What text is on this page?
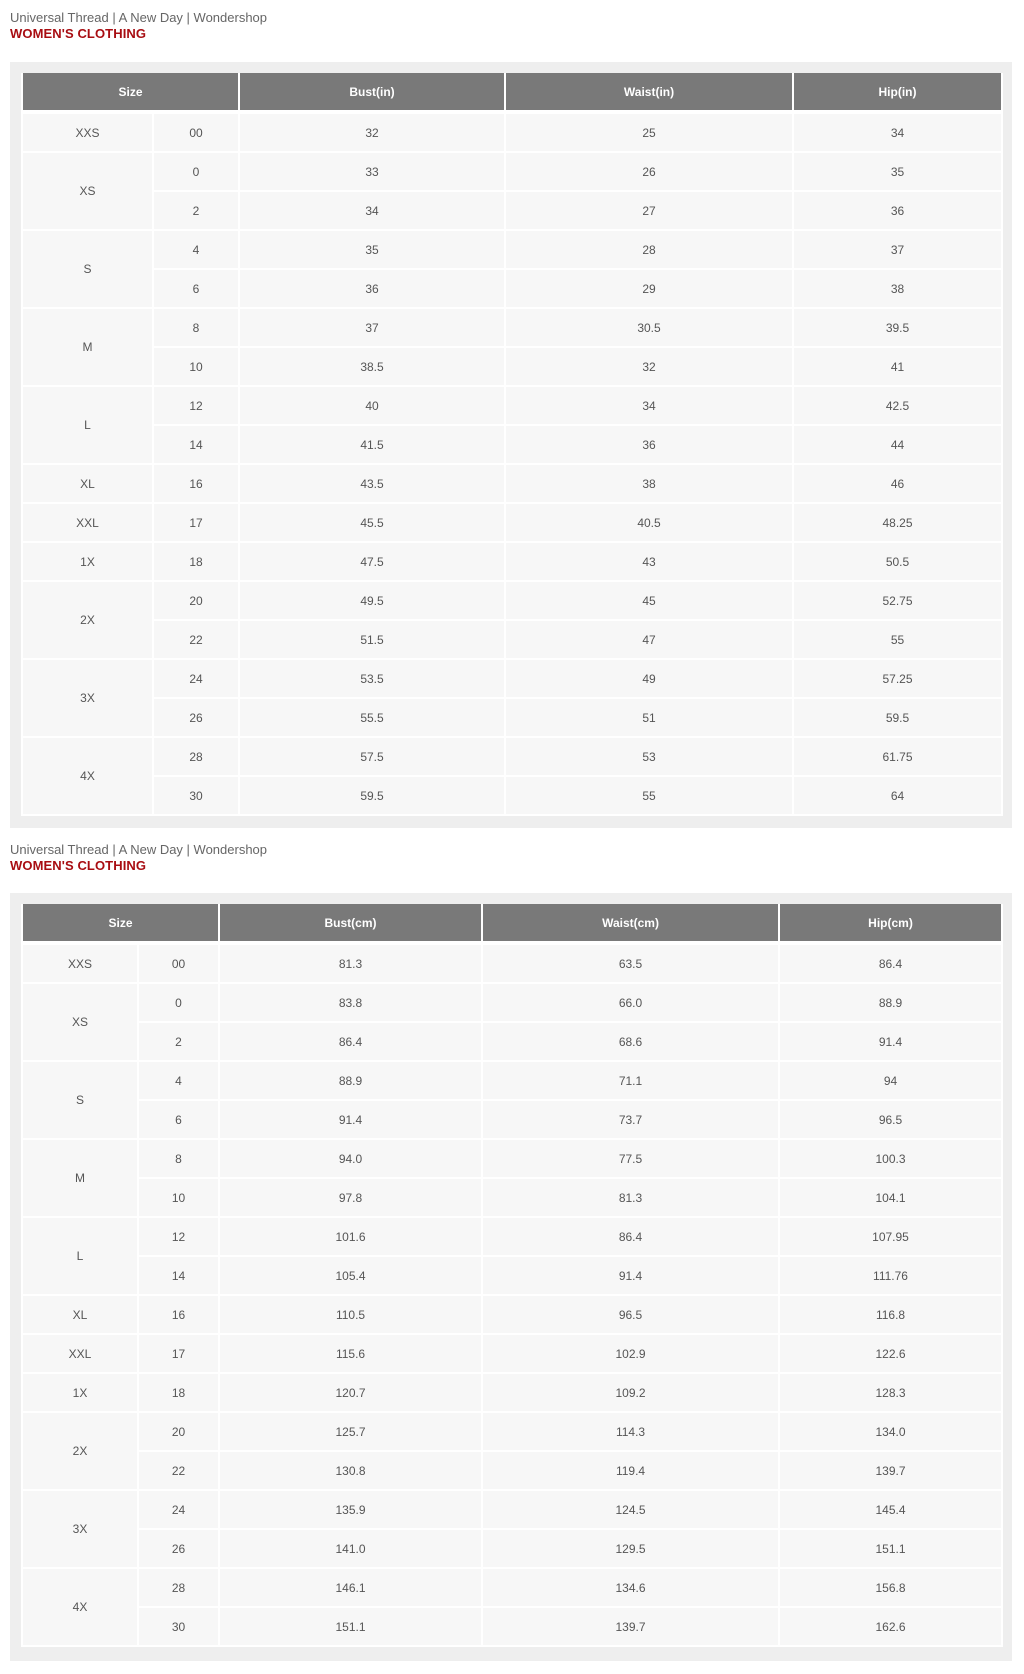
Universal Thread | A New Day | Wondershop
WOMEN'S CLOTHING
Size		Bust(in)	Waist(in)	Hip(in)
XXS	00	32	25	34
XS	0	33	26	35
	2	34	27	36
S	4	35	28	37
	6	36	29	38
M	8	37	30.5	39.5
	10	38.5	32	41
L	12	40	34	42.5
	14	41.5	36	44
XL	16	43.5	38	46
XXL	17	45.5	40.5	48.25
1X	18	47.5	43	50.5
2X	20	49.5	45	52.75
	22	51.5	47	55
3X	24	53.5	49	57.25
	26	55.5	51	59.5
4X	28	57.5	53	61.75
	30	59.5	55	64
Universal Thread | A New Day | Wondershop
WOMEN'S CLOTHING
Size		Bust(cm)	Waist(cm)	Hip(cm)
XXS	00	81.3	63.5	86.4
XS	0	83.8	66.0	88.9
	2	86.4	68.6	91.4
S	4	88.9	71.1	94
	6	91.4	73.7	96.5
M	8	94.0	77.5	100.3
	10	97.8	81.3	104.1
L	12	101.6	86.4	107.95
	14	105.4	91.4	111.76
XL	16	110.5	96.5	116.8
XXL	17	115.6	102.9	122.6
1X	18	120.7	109.2	128.3
2X	20	125.7	114.3	134.0
	22	130.8	119.4	139.7
3X	24	135.9	124.5	145.4
	26	141.0	129.5	151.1
4X	28	146.1	134.6	156.8
	30	151.1	139.7	162.6
